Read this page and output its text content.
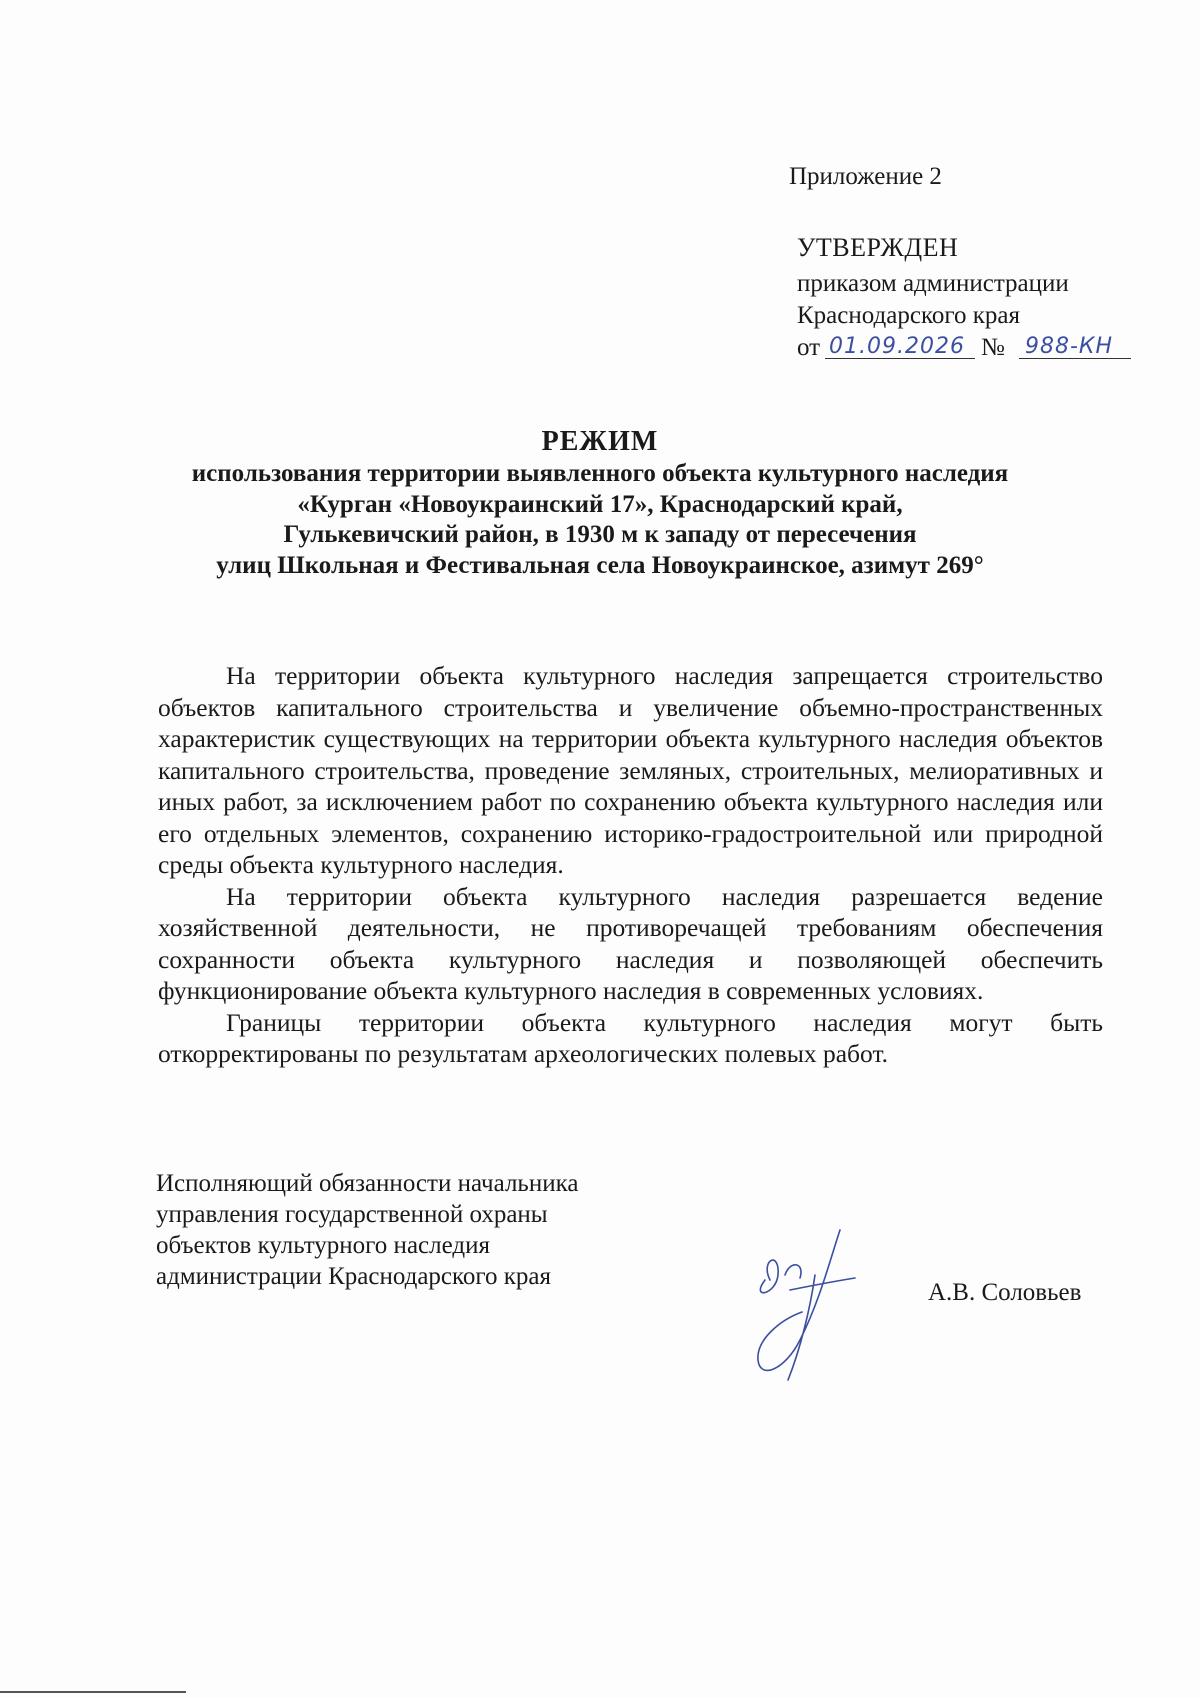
Приложение 2
УТВЕРЖДЕН
приказом администрации
Краснодарского края
от 01.09.2026 № 988-КН
РЕЖИМ
использования территории выявленного объекта культурного наследия
«Курган «Новоукраинский 17», Краснодарский край,
Гулькевичский район, в 1930 м к западу от пересечения
улиц Школьная и Фестивальная села Новоукраинское, азимут 269°

На территории объекта культурного наследия запрещается строительство объектов капитального строительства и увеличение объемно-пространственных характеристик существующих на территории объекта культурного наследия объектов капитального строительства, проведение земляных, строительных, мелиоративных и иных работ, за исключением работ по сохранению объекта культурного наследия или его отдельных элементов, сохранению историко-градостроительной или природной среды объекта культурного наследия.

На территории объекта культурного наследия разрешается ведение хозяйственной деятельности, не противоречащей требованиям обеспечения сохранности объекта культурного наследия и позволяющей обеспечить функционирование объекта культурного наследия в современных условиях.

Границы территории объекта культурного наследия могут быть откорректированы по результатам археологических полевых работ.

Исполняющий обязанности начальника
управления государственной охраны
объектов культурного наследия
администрации Краснодарского края
А.В. Соловьев
